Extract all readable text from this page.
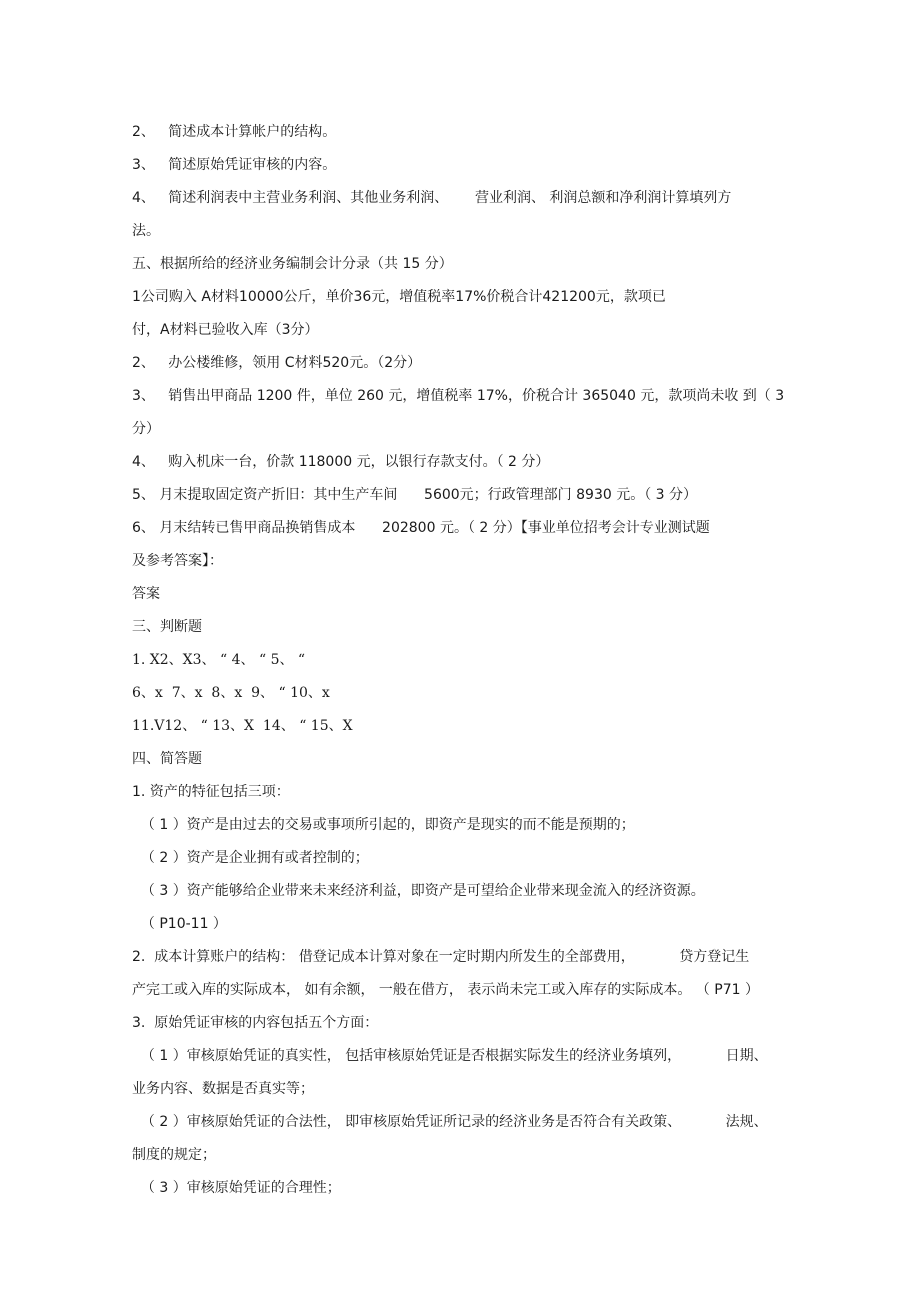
2、   简述成本计算帐户的结构。
3、   简述原始凭证审核的内容。
4、   简述利润表中主营业务利润、其他业务利润、      营业利润、 利润总额和净利润计算填列方
法。
五、根据所给的经济业务编制会计分录（共 15 分）
1公司购入 A材料10000公斤，单价36元，增值税率17%价税合计421200元，款项已
付，A材料已验收入库（3分）
2、   办公楼维修，领用 C材料520元。（2分）
3、   销售出甲商品 1200 件，单位 260 元，增值税率 17%，价税合计 365040 元，款项尚未收 到（ 3
分）
4、   购入机床一台，价款 118000 元，以银行存款支付。（ 2 分）
5、 月末提取固定资产折旧：其中生产车间      5600元；行政管理部门 8930 元。（ 3 分）
6、 月末结转已售甲商品换销售成本      202800 元。（ 2 分）【事业单位招考会计专业测试题
及参考答案】：
答案
三、判断题
1. X2、X3、 “ 4、 “ 5、 “
6、x  7、x  8、x  9、 “ 10、x
11.V12、 “ 13、X  14、 “ 15、X
四、简答题
1. 资产的特征包括三项：
（ 1 ）资产是由过去的交易或事项所引起的，即资产是现实的而不能是预期的；
（ 2 ）资产是企业拥有或者控制的；
（ 3 ）资产能够给企业带来未来经济利益，即资产是可望给企业带来现金流入的经济资源。
（ P10-11 ）
2.  成本计算账户的结构： 借登记成本计算对象在一定时期内所发生的全部费用，          贷方登记生
产完工或入库的实际成本， 如有余额， 一般在借方， 表示尚未完工或入库存的实际成本。 （ P71 ）
3.  原始凭证审核的内容包括五个方面：
（ 1 ）审核原始凭证的真实性， 包括审核原始凭证是否根据实际发生的经济业务填列，          日期、
业务内容、数据是否真实等；
（ 2 ）审核原始凭证的合法性， 即审核原始凭证所记录的经济业务是否符合有关政策、          法规、
制度的规定；
（ 3 ）审核原始凭证的合理性；
